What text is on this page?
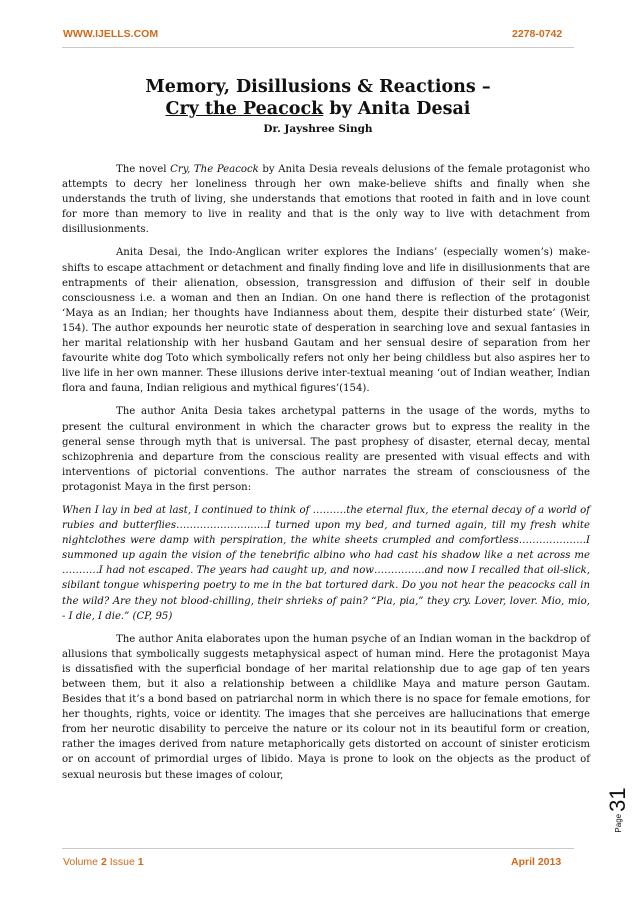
WWW.IJELLS.COM	2278-0742
Memory, Disillusions & Reactions –
Cry the Peacock by Anita Desai
Dr. Jayshree Singh

The novel Cry, The Peacock by Anita Desia reveals delusions of the female protagonist who attempts to decry her loneliness through her own make-believe shifts and finally when she understands the truth of living, she understands that emotions that rooted in faith and in love count for more than memory to live in reality and that is the only way to live with detachment from disillusionments.

Anita Desai, the Indo-Anglican writer explores the Indians’ (especially women’s) make-shifts to escape attachment or detachment and finally finding love and life in disillusionments that are entrapments of their alienation, obsession, transgression and diffusion of their self in double consciousness i.e. a woman and then an Indian. On one hand there is reflection of the protagonist ‘Maya as an Indian; her thoughts have Indianness about them, despite their disturbed state’ (Weir, 154). The author expounds her neurotic state of desperation in searching love and sexual fantasies in her marital relationship with her husband Gautam and her sensual desire of separation from her favourite white dog Toto which symbolically refers not only her being childless but also aspires her to live life in her own manner. These illusions derive inter-textual meaning ‘out of Indian weather, Indian flora and fauna, Indian religious and mythical figures’(154).

The author Anita Desia takes archetypal patterns in the usage of the words, myths to present the cultural environment in which the character grows but to express the reality in the general sense through myth that is universal. The past prophesy of disaster, eternal decay, mental schizophrenia and departure from the conscious reality are presented with visual effects and with interventions of pictorial conventions. The author narrates the stream of consciousness of the protagonist Maya in the first person:

When I lay in bed at last, I continued to think of ……….the eternal flux, the eternal decay of a world of rubies and butterflies………………….…..I turned upon my bed, and turned again, till my fresh white nightclothes were damp with perspiration, the white sheets crumpled and comfortless………………..I summoned up again the vision of the tenebrific albino who had cast his shadow like a net across me ………..I had not escaped. The years had caught up, and now……………and now I recalled that oil-slick, sibilant tongue whispering poetry to me in the bat tortured dark. Do you not hear the peacocks call in the wild? Are they not blood-chilling, their shrieks of pain? “Pia, pia,” they cry. Lover, lover. Mio, mio, - I die, I die.” (CP, 95)

The author Anita elaborates upon the human psyche of an Indian woman in the backdrop of allusions that symbolically suggests metaphysical aspect of human mind. Here the protagonist Maya is dissatisfied with the superficial bondage of her marital relationship due to age gap of ten years between them, but it also a relationship between a childlike Maya and mature person Gautam. Besides that it’s a bond based on patriarchal norm in which there is no space for female emotions, for her thoughts, rights, voice or identity. The images that she perceives are hallucinations that emerge from her neurotic disability to perceive the nature or its colour not in its beautiful form or creation, rather the images derived from nature metaphorically gets distorted on account of sinister eroticism or on account of primordial urges of libido. Maya is prone to look on the objects as the product of sexual neurosis but these images of colour,

Page
31
Volume 2 Issue 1	April 2013
